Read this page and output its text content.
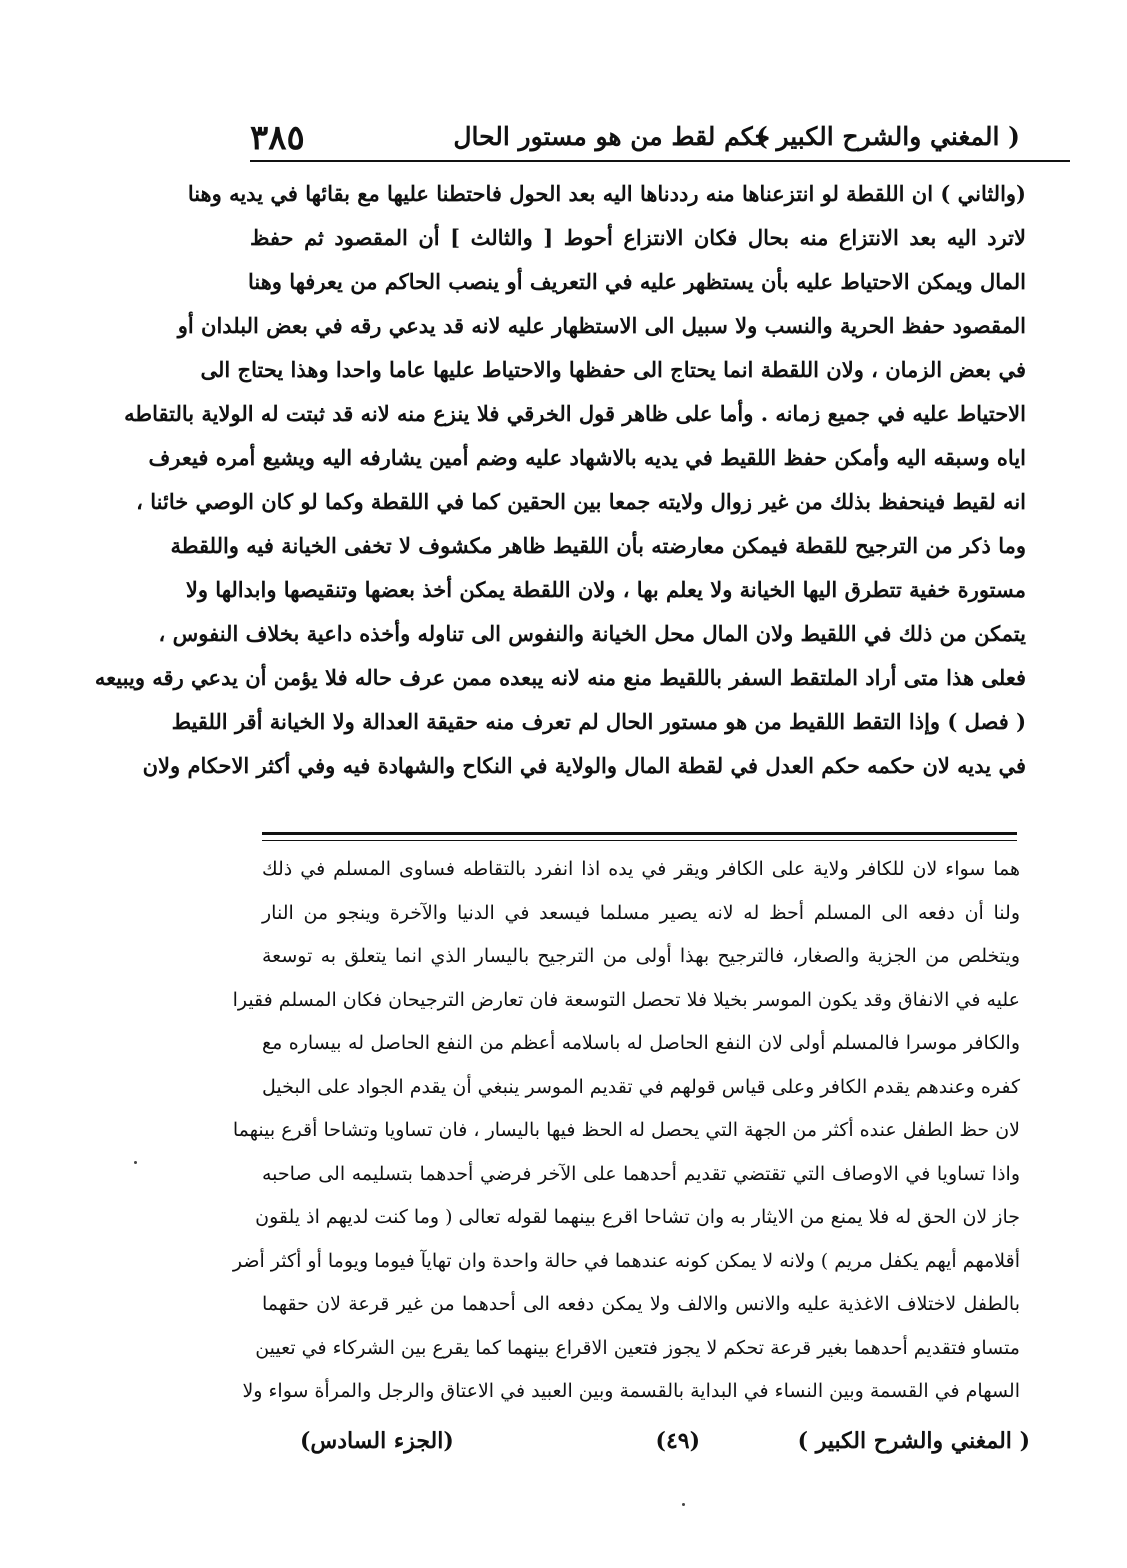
( المغني والشرح الكبير )
حكم لقط من هو مستور الحال
٣٨٥
(والثاني ) ان اللقطة لو انتزعناها منه رددناها اليه بعد الحول فاحتطنا عليها مع بقائها في يديه وهنا
لاترد اليه بعد الانتزاع منه بحال فكان الانتزاع أحوط [ والثالث ] أن المقصود ثم حفظ
المال ويمكن الاحتياط عليه بأن يستظهر عليه في التعريف أو ينصب الحاكم من يعرفها وهنا
المقصود حفظ الحرية والنسب ولا سبيل الى الاستظهار عليه لانه قد يدعي رقه في بعض البلدان أو
في بعض الزمان ، ولان اللقطة انما يحتاج الى حفظها والاحتياط عليها عاما واحدا وهذا يحتاج الى
الاحتياط عليه في جميع زمانه . وأما على ظاهر قول الخرقي فلا ينزع منه لانه قد ثبتت له الولاية بالتقاطه
اياه وسبقه اليه وأمكن حفظ اللقيط في يديه بالاشهاد عليه وضم أمين يشارفه اليه ويشيع أمره فيعرف
انه لقيط فينحفظ بذلك من غير زوال ولايته جمعا بين الحقين كما في اللقطة وكما لو كان الوصي خائنا ،
وما ذكر من الترجيح للقطة فيمكن معارضته بأن اللقيط ظاهر مكشوف لا تخفى الخيانة فيه واللقطة
مستورة خفية تتطرق اليها الخيانة ولا يعلم بها ، ولان اللقطة يمكن أخذ بعضها وتنقيصها وابدالها ولا
يتمكن من ذلك في اللقيط ولان المال محل الخيانة والنفوس الى تناوله وأخذه داعية بخلاف النفوس ،
فعلى هذا متى أراد الملتقط السفر باللقيط منع منه لانه يبعده ممن عرف حاله فلا يؤمن أن يدعي رقه ويبيعه
( فصل ) وإذا التقط اللقيط من هو مستور الحال لم تعرف منه حقيقة العدالة ولا الخيانة أقر اللقيط
في يديه لان حكمه حكم العدل في لقطة المال والولاية في النكاح والشهادة فيه وفي أكثر الاحكام ولان
هما سواء لان للكافر ولاية على الكافر ويقر في يده اذا انفرد بالتقاطه فساوى المسلم في ذلك
ولنا أن دفعه الى المسلم أحظ له لانه يصير مسلما فيسعد في الدنيا والآخرة وينجو من النار
ويتخلص من الجزية والصغار، فالترجيح بهذا أولى من الترجيح باليسار الذي انما يتعلق به توسعة
عليه في الانفاق وقد يكون الموسر بخيلا فلا تحصل التوسعة فان تعارض الترجيحان فكان المسلم فقيرا
والكافر موسرا فالمسلم أولى لان النفع الحاصل له باسلامه أعظم من النفع الحاصل له بيساره مع
كفره وعندهم يقدم الكافر وعلى قياس قولهم في تقديم الموسر ينبغي أن يقدم الجواد على البخيل
لان حظ الطفل عنده أكثر من الجهة التي يحصل له الحظ فيها باليسار ، فان تساويا وتشاحا أقرع بينهما
واذا تساويا في الاوصاف التي تقتضي تقديم أحدهما على الآخر فرضي أحدهما بتسليمه الى صاحبه
جاز لان الحق له فلا يمنع من الايثار به وان تشاحا اقرع بينهما لقوله تعالى ( وما كنت لديهم اذ يلقون
أقلامهم أيهم يكفل مريم ) ولانه لا يمكن كونه عندهما في حالة واحدة وان تهايآ فيوما ويوما أو أكثر أضر
بالطفل لاختلاف الاغذية عليه والانس والالف ولا يمكن دفعه الى أحدهما من غير قرعة لان حقهما
متساو فتقديم أحدهما بغير قرعة تحكم لا يجوز فتعين الاقراع بينهما كما يقرع بين الشركاء في تعيين
السهام في القسمة وبين النساء في البداية بالقسمة وبين العبيد في الاعتاق والرجل والمرأة سواء ولا
( المغني والشرح الكبير )
(٤٩)
(الجزء السادس)
